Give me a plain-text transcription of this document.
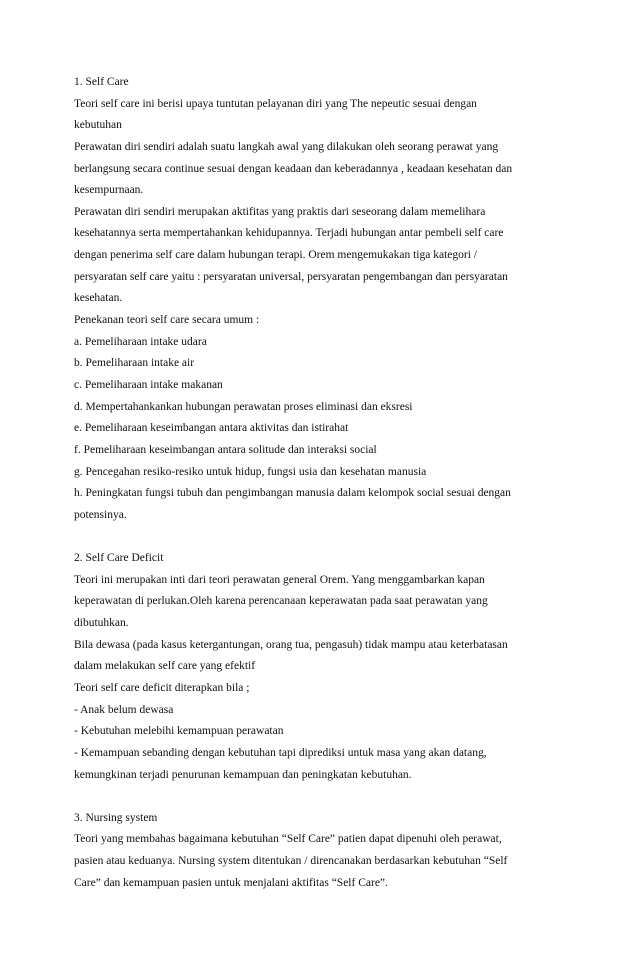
1. Self Care
Teori self care ini berisi upaya tuntutan pelayanan diri yang The nepeutic sesuai dengan
kebutuhan
Perawatan diri sendiri adalah suatu langkah awal yang dilakukan oleh seorang perawat yang
berlangsung secara continue sesuai dengan keadaan dan keberadannya , keadaan kesehatan dan
kesempurnaan.
Perawatan diri sendiri merupakan aktifitas yang praktis dari seseorang dalam memelihara
kesehatannya serta mempertahankan kehidupannya. Terjadi hubungan antar pembeli self care
dengan penerima self care dalam hubungan terapi. Orem mengemukakan tiga kategori /
persyaratan self care yaitu : persyaratan universal, persyaratan pengembangan dan persyaratan
kesehatan.
Penekanan teori self care secara umum :
a. Pemeliharaan intake udara
b. Pemeliharaan intake air
c. Pemeliharaan intake makanan
d. Mempertahankankan hubungan perawatan proses eliminasi dan eksresi
e. Pemeliharaan keseimbangan antara aktivitas dan istirahat
f. Pemeliharaan keseimbangan antara solitude dan interaksi social
g. Pencegahan resiko-resiko untuk hidup, fungsi usia dan kesehatan manusia
h. Peningkatan fungsi tubuh dan pengimbangan manusia dalam kelompok social sesuai dengan
potensinya.
2. Self Care Deficit
Teori ini merupakan inti dari teori perawatan general Orem. Yang menggambarkan kapan
keperawatan di perlukan.Oleh karena perencanaan keperawatan pada saat perawatan yang
dibutuhkan.
Bila dewasa (pada kasus ketergantungan, orang tua, pengasuh) tidak mampu atau keterbatasan
dalam melakukan self care yang efektif
Teori self care deficit diterapkan bila ;
- Anak belum dewasa
- Kebutuhan melebihi kemampuan perawatan
- Kemampuan sebanding dengan kebutuhan tapi diprediksi untuk masa yang akan datang,
kemungkinan terjadi penurunan kemampuan dan peningkatan kebutuhan.
3. Nursing system
Teori yang membahas bagaimana kebutuhan “Self Care” patien dapat dipenuhi oleh perawat,
pasien atau keduanya. Nursing system ditentukan / direncanakan berdasarkan kebutuhan “Self
Care” dan kemampuan pasien untuk menjalani aktifitas “Self Care”.
